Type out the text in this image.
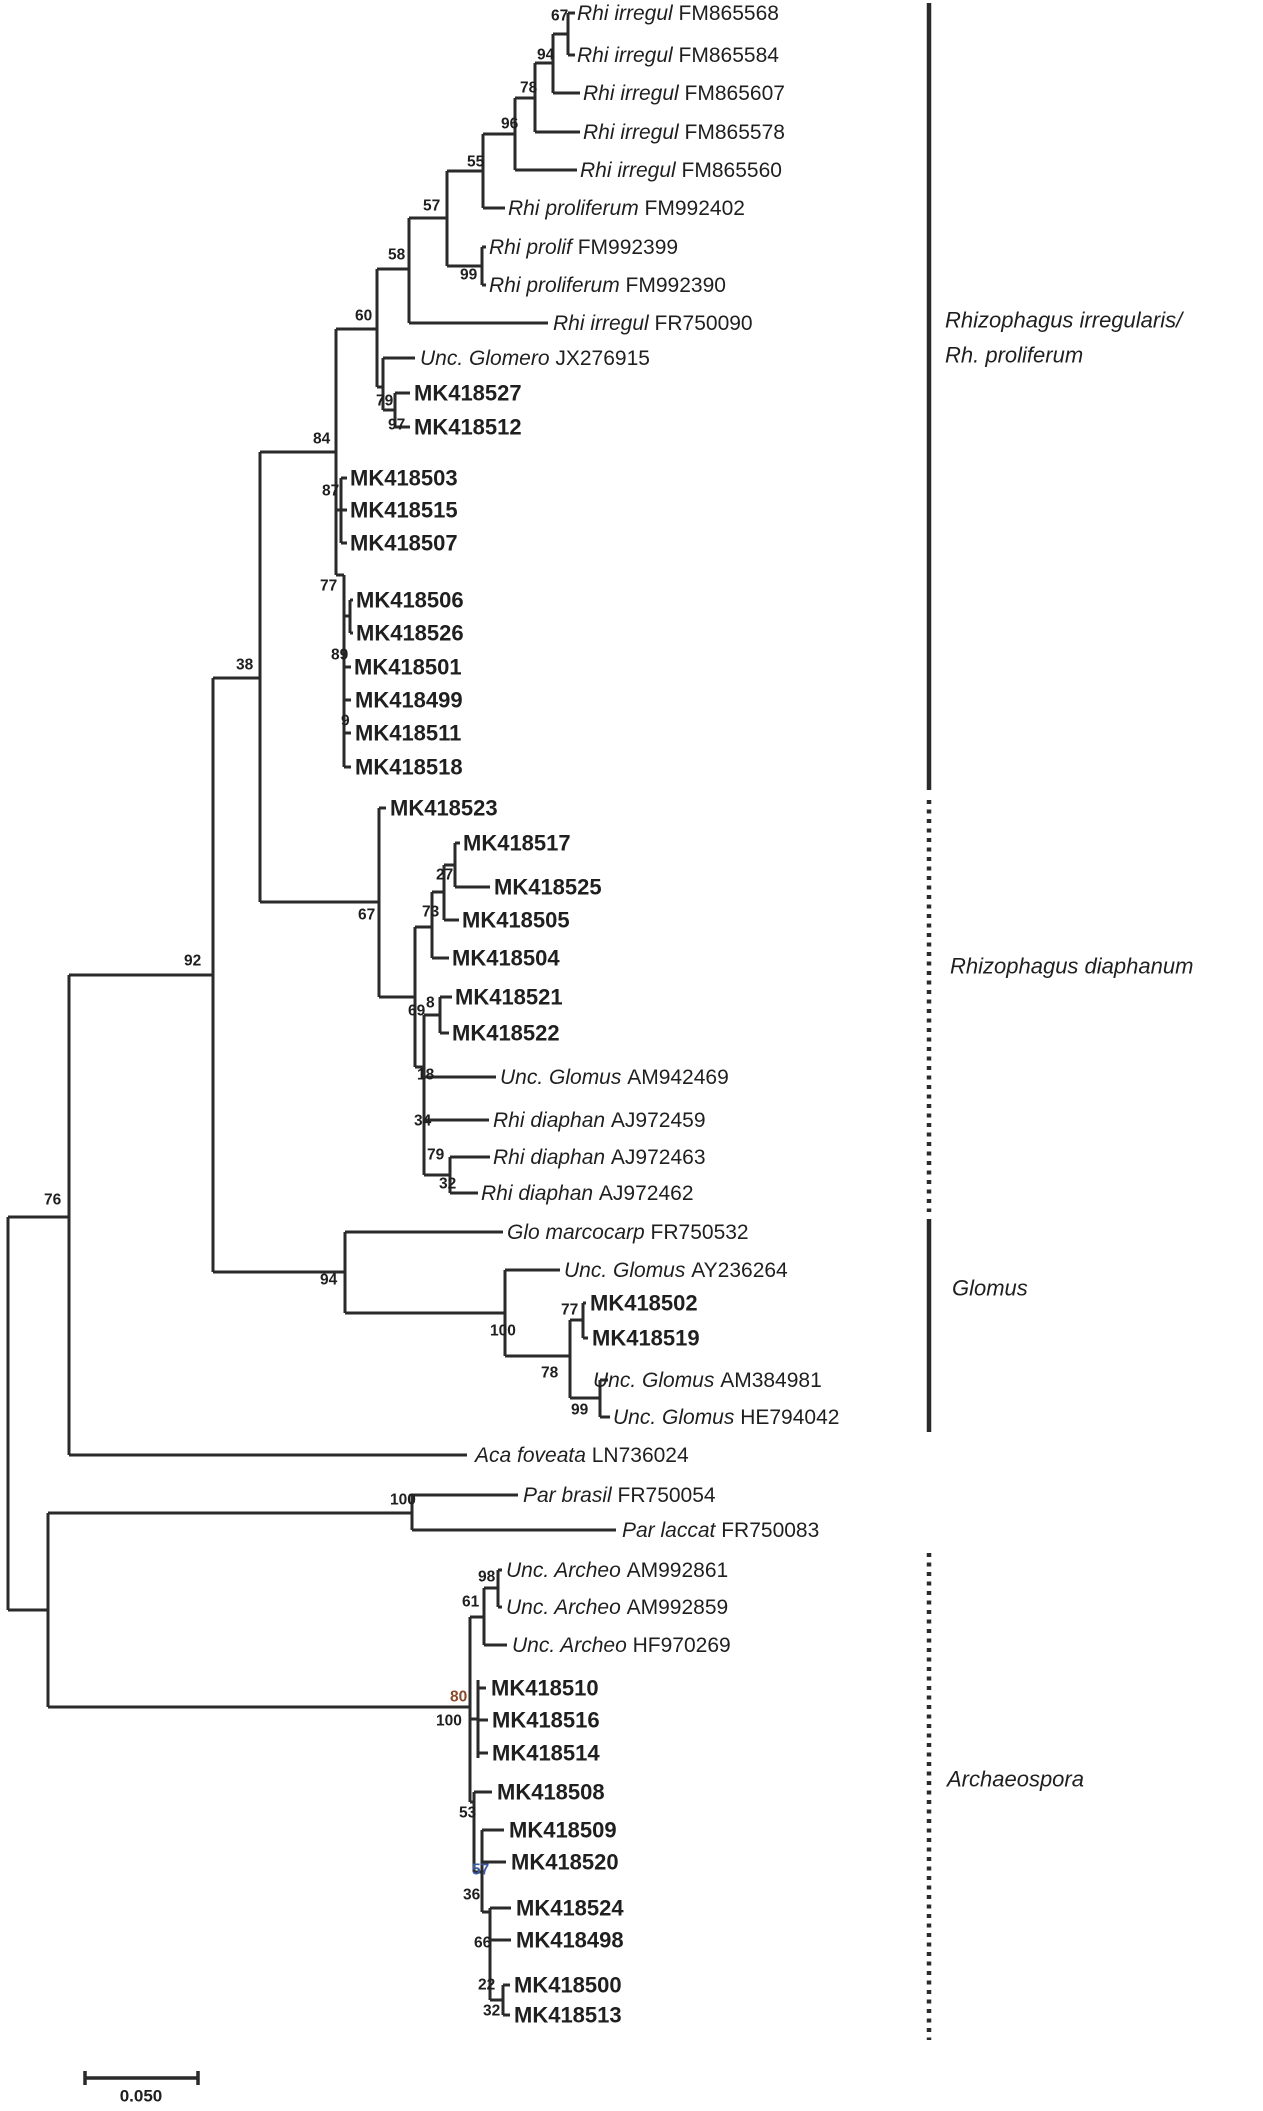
Rhizophagus irregularis/
Rh. proliferum
Rhizophagus diaphanum
Glomus
Archaeospora
Rhi irregul FM865568
Rhi irregul FM865584
Rhi irregul FM865607
Rhi irregul FM865578
Rhi irregul FM865560
Rhi proliferum FM992402
Rhi prolif FM992399
Rhi proliferum FM992390
Rhi irregul FR750090
Unc. Glomero JX276915
MK418527
MK418512
MK418503
MK418515
MK418507
MK418506
MK418526
MK418501
MK418499
MK418511
MK418518
MK418523
MK418517
MK418525
MK418505
MK418504
MK418521
MK418522
Unc. Glomus AM942469
Rhi diaphan AJ972459
Rhi diaphan AJ972463
Rhi diaphan AJ972462
Glo marcocarp FR750532
Unc. Glomus AY236264
MK418502
MK418519
Unc. Glomus AM384981
Unc. Glomus HE794042
Aca foveata LN736024
Par brasil FR750054
Par laccat FR750083
Unc. Archeo AM992861
Unc. Archeo AM992859
Unc. Archeo HF970269
MK418510
MK418516
MK418514
MK418508
MK418509
MK418520
MK418524
MK418498
MK418500
MK418513
67
94
78
96
55
57
58
99
60
79
97
84
87
77
89
38
9
67
27
73
69 8
18
34
79
32
92
94
77
100
78
99
76
100
98
61
80
100
53
57
36
66
22
32
0.050
